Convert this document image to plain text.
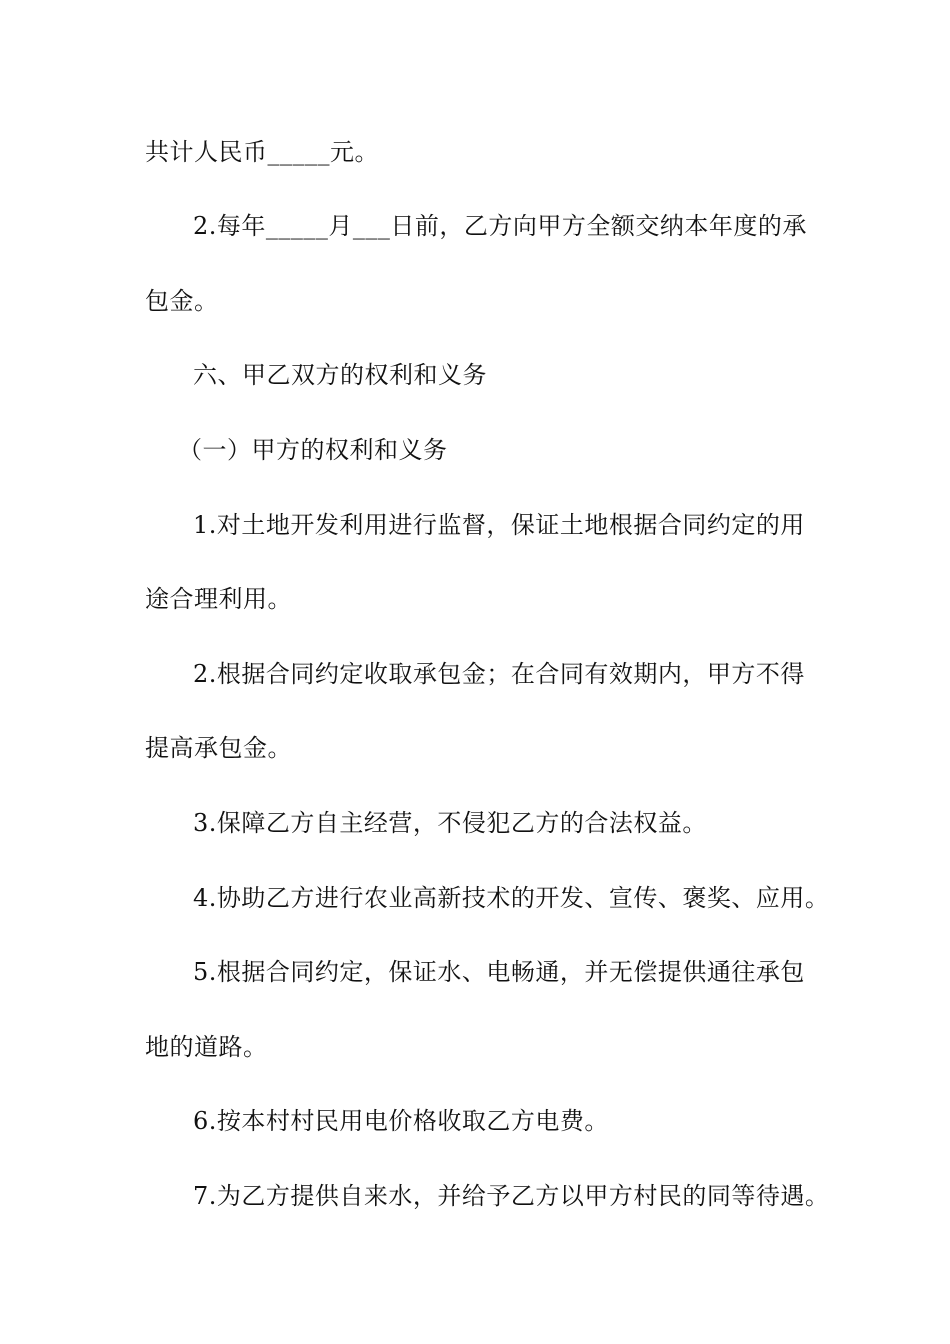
共计人民币_____元。
2.每年_____月___日前，乙方向甲方全额交纳本年度的承
包金。
六、甲乙双方的权利和义务
（一）甲方的权利和义务
1.对土地开发利用进行监督，保证土地根据合同约定的用
途合理利用。
2.根据合同约定收取承包金；在合同有效期内，甲方不得
提高承包金。
3.保障乙方自主经营，不侵犯乙方的合法权益。
4.协助乙方进行农业高新技术的开发、宣传、褒奖、应用。
5.根据合同约定，保证水、电畅通，并无偿提供通往承包
地的道路。
6.按本村村民用电价格收取乙方电费。
7.为乙方提供自来水，并给予乙方以甲方村民的同等待遇。
